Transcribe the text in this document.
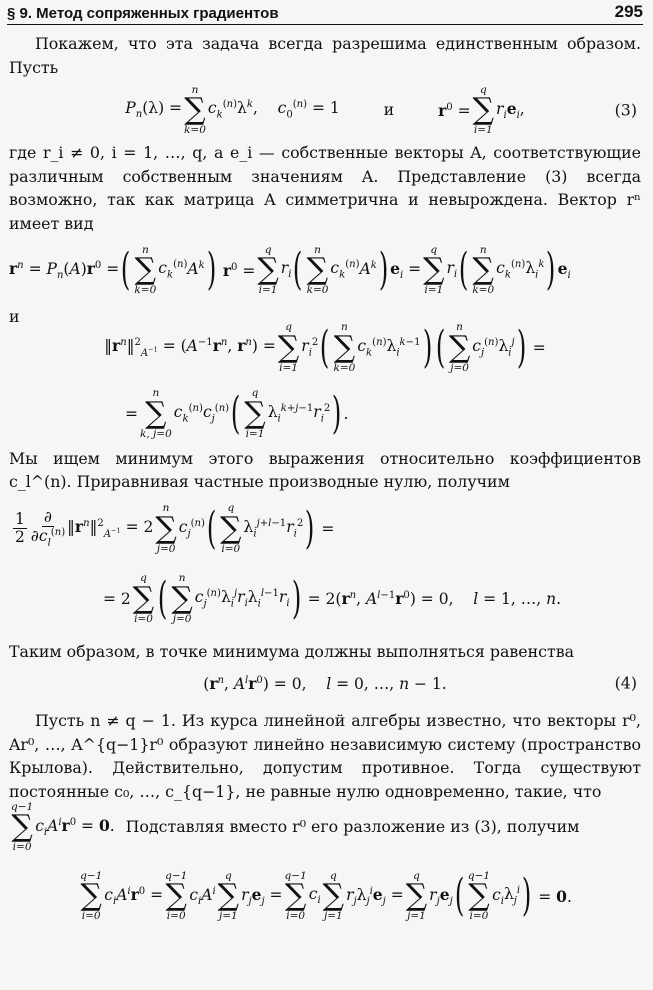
§ 9. Метод сопряженных градиентов	295

Покажем, что эта задача всегда разрешима единственным образом. Пусть

$P_n(\lambda)$ =
n
∑
k=0
$c_k^{(n)}\lambda^k$,    $c_0^{(n)} = 1$	и	$r^0$ =
q
∑
i=1
$r_ie_i$,	(3)

где r_i ≠ 0, i = 1, …, q, а e_i — собственные векторы A, соответствующие различным собственным значениям A. Представление (3) всегда возможно, так как матрица A симметрична и невырождена. Вектор rⁿ имеет вид

$r^n = P_n(A)r^0$ = ( n
∑
k=0
$c_k^{(n)}A^k$ ) $r^0$ =
q
∑
i=1
$r_i$ ( n
∑
k=0
$c_k^{(n)}A^k$ ) $e_i$ =
q
∑
i=1
$r_i$ ( n
∑
k=0
$c_k^{(n)}\lambda_i^k$ ) $e_i$

и

$‖r^n‖^2_{A^{-1}} = (A^{-1}r^n$, $r^n$) =
q
∑
i=1
$r_i^2$ ( n
∑
k=0
$c_k^{(n)}\lambda_i^{k-1}$ ) ( n
∑
j=0
$c_j^{(n)}\lambda_i^j$ ) =
=
n
∑
k, j=0
$c_k^{(n)}c_j^{(n)}$ ( q
∑
i=1
$\lambda_i^{k+j-1}r_i^2$ ) .

Мы ищем минимум этого выражения относительно коэффициентов c_l^(n). Приравнивая частные производные нулю, получим

$\frac{1}{2} \frac{\partial}{\partial c_l^{(n)}}$ $‖r^n‖^2_{A^{-1}} = 2$
n
∑
j=0
$c_j^{(n)}$ ( q
∑
i=0
$\lambda_i^{j+l-1}r_i^2$ ) =
= 2
q
∑
i=0 ( n
∑
j=0
$c_j^{(n)}\lambda_i^jr_i\lambda_i^{l-1}r_i$ ) = $2(r^n$, $A^{l-1}r^0) = 0$,    l = 1, …, n.

Таким образом, в точке минимума должны выполняться равенства

($r^n$, $A^lr^0) = 0$,    l = 0, …, n − 1.	(4)

Пусть n ≠ q − 1. Из курса линейной алгебры известно, что векторы r⁰, Ar⁰, …, A^{q−1}r⁰ образуют линейно независимую систему (пространство Крылова). Действительно, допустим противное. Тогда существуют постоянные c₀, …, c_{q−1}, не равные нулю одновременно, такие, что

q−1
∑
i=0
$c_iA^ir^0 = 0$. Подставляя вместо r⁰ его разложение из (3), получим

q−1
∑
i=0
$c_iA^ir^0$ =
q−1
∑
i=0
$c_iA^i$
q
∑
j=1
$r_je_j$ =
q−1
∑
i=0
$c_i$
q
∑
j=1
$r_j\lambda_j^ie_j$ =
q
∑
j=1
$r_je_j$ ( q−1
∑
i=0
$c_i\lambda_j^i$ ) = 0.
